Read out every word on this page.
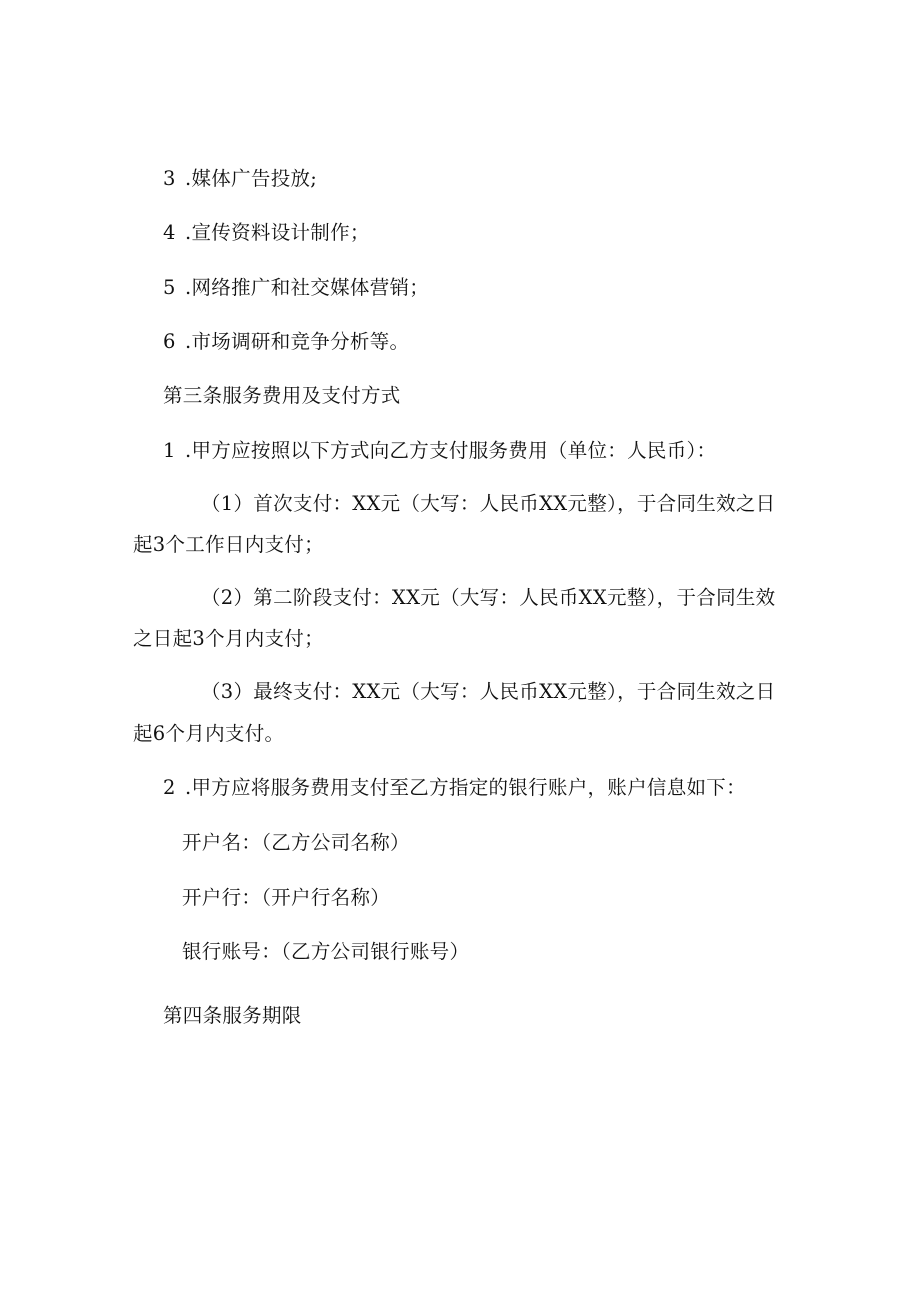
3 .媒体广告投放;
4 .宣传资料设计制作；
5 .网络推广和社交媒体营销；
6 .市场调研和竞争分析等。
第三条服务费用及支付方式
1 .甲方应按照以下方式向乙方支付服务费用（单位：人民币）：
（1）首次支付：XX元（大写：人民币XX元整），于合同生效之日
起3个工作日内支付；
（2）第二阶段支付：XX元（大写：人民币XX元整），于合同生效
之日起3个月内支付；
（3）最终支付：XX元（大写：人民币XX元整），于合同生效之日
起6个月内支付。
2 .甲方应将服务费用支付至乙方指定的银行账户，账户信息如下：
开户名：（乙方公司名称）
开户行：（开户行名称）
银行账号：（乙方公司银行账号）
第四条服务期限
